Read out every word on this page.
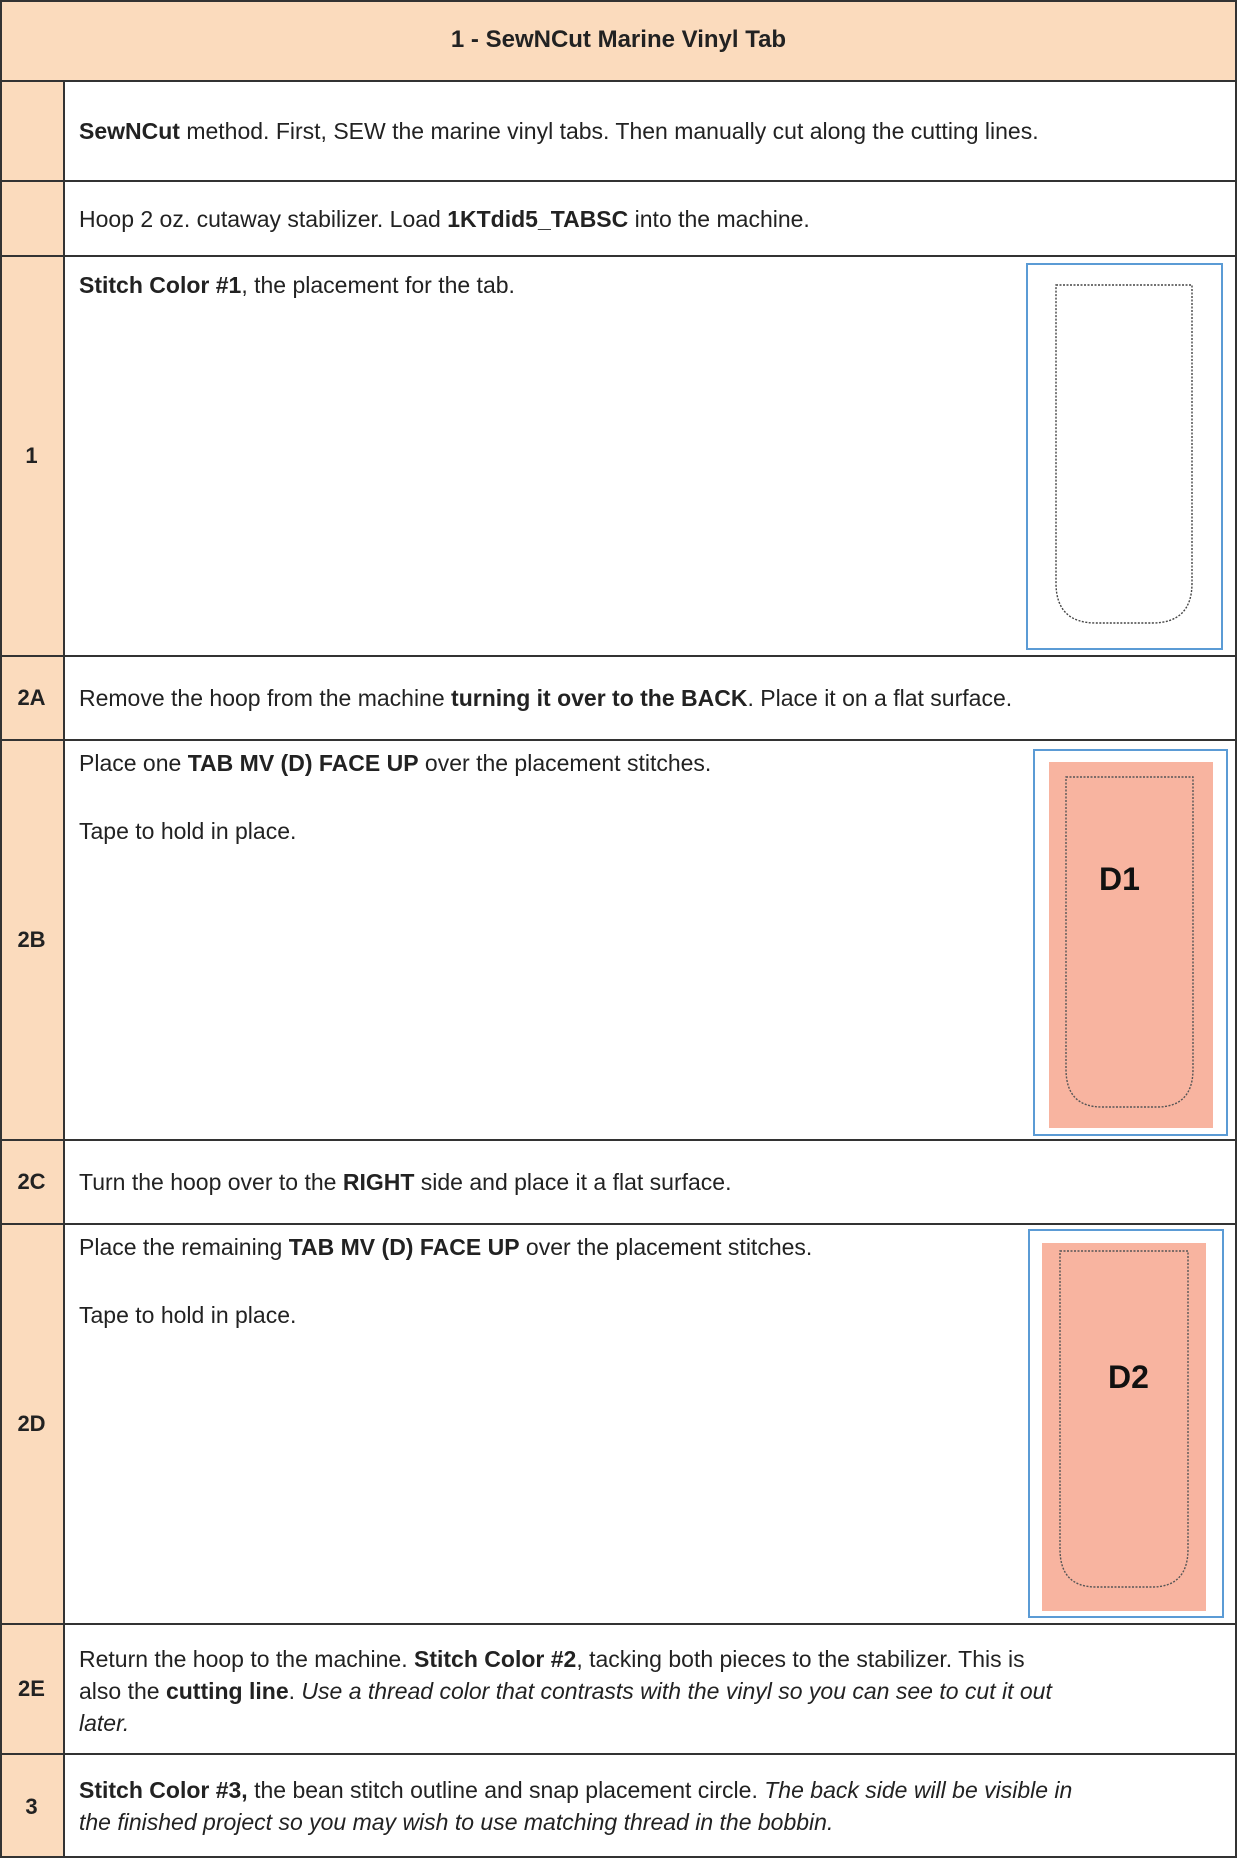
1 - SewNCut Marine Vinyl Tab
SewNCut method. First, SEW the marine vinyl tabs. Then manually cut along the cutting lines.
Hoop 2 oz. cutaway stabilizer. Load 1KTdid5_TABSC into the machine.
1
Stitch Color #1, the placement for the tab.
2A	Remove the hoop from the machine turning it over to the BACK. Place it on a flat surface.
2B
Place one TAB MV (D) FACE UP over the placement stitches.
Tape to hold in place.
D1
2C	Turn the hoop over to the RIGHT side and place it a flat surface.
2D
Place the remaining TAB MV (D) FACE UP over the placement stitches.
Tape to hold in place.
D2
2E
Return the hoop to the machine. Stitch Color #2, tacking both pieces to the stabilizer. This is
also the cutting line. Use a thread color that contrasts with the vinyl so you can see to cut it out
later.
3
Stitch Color #3, the bean stitch outline and snap placement circle. The back side will be visible in
the finished project so you may wish to use matching thread in the bobbin.
